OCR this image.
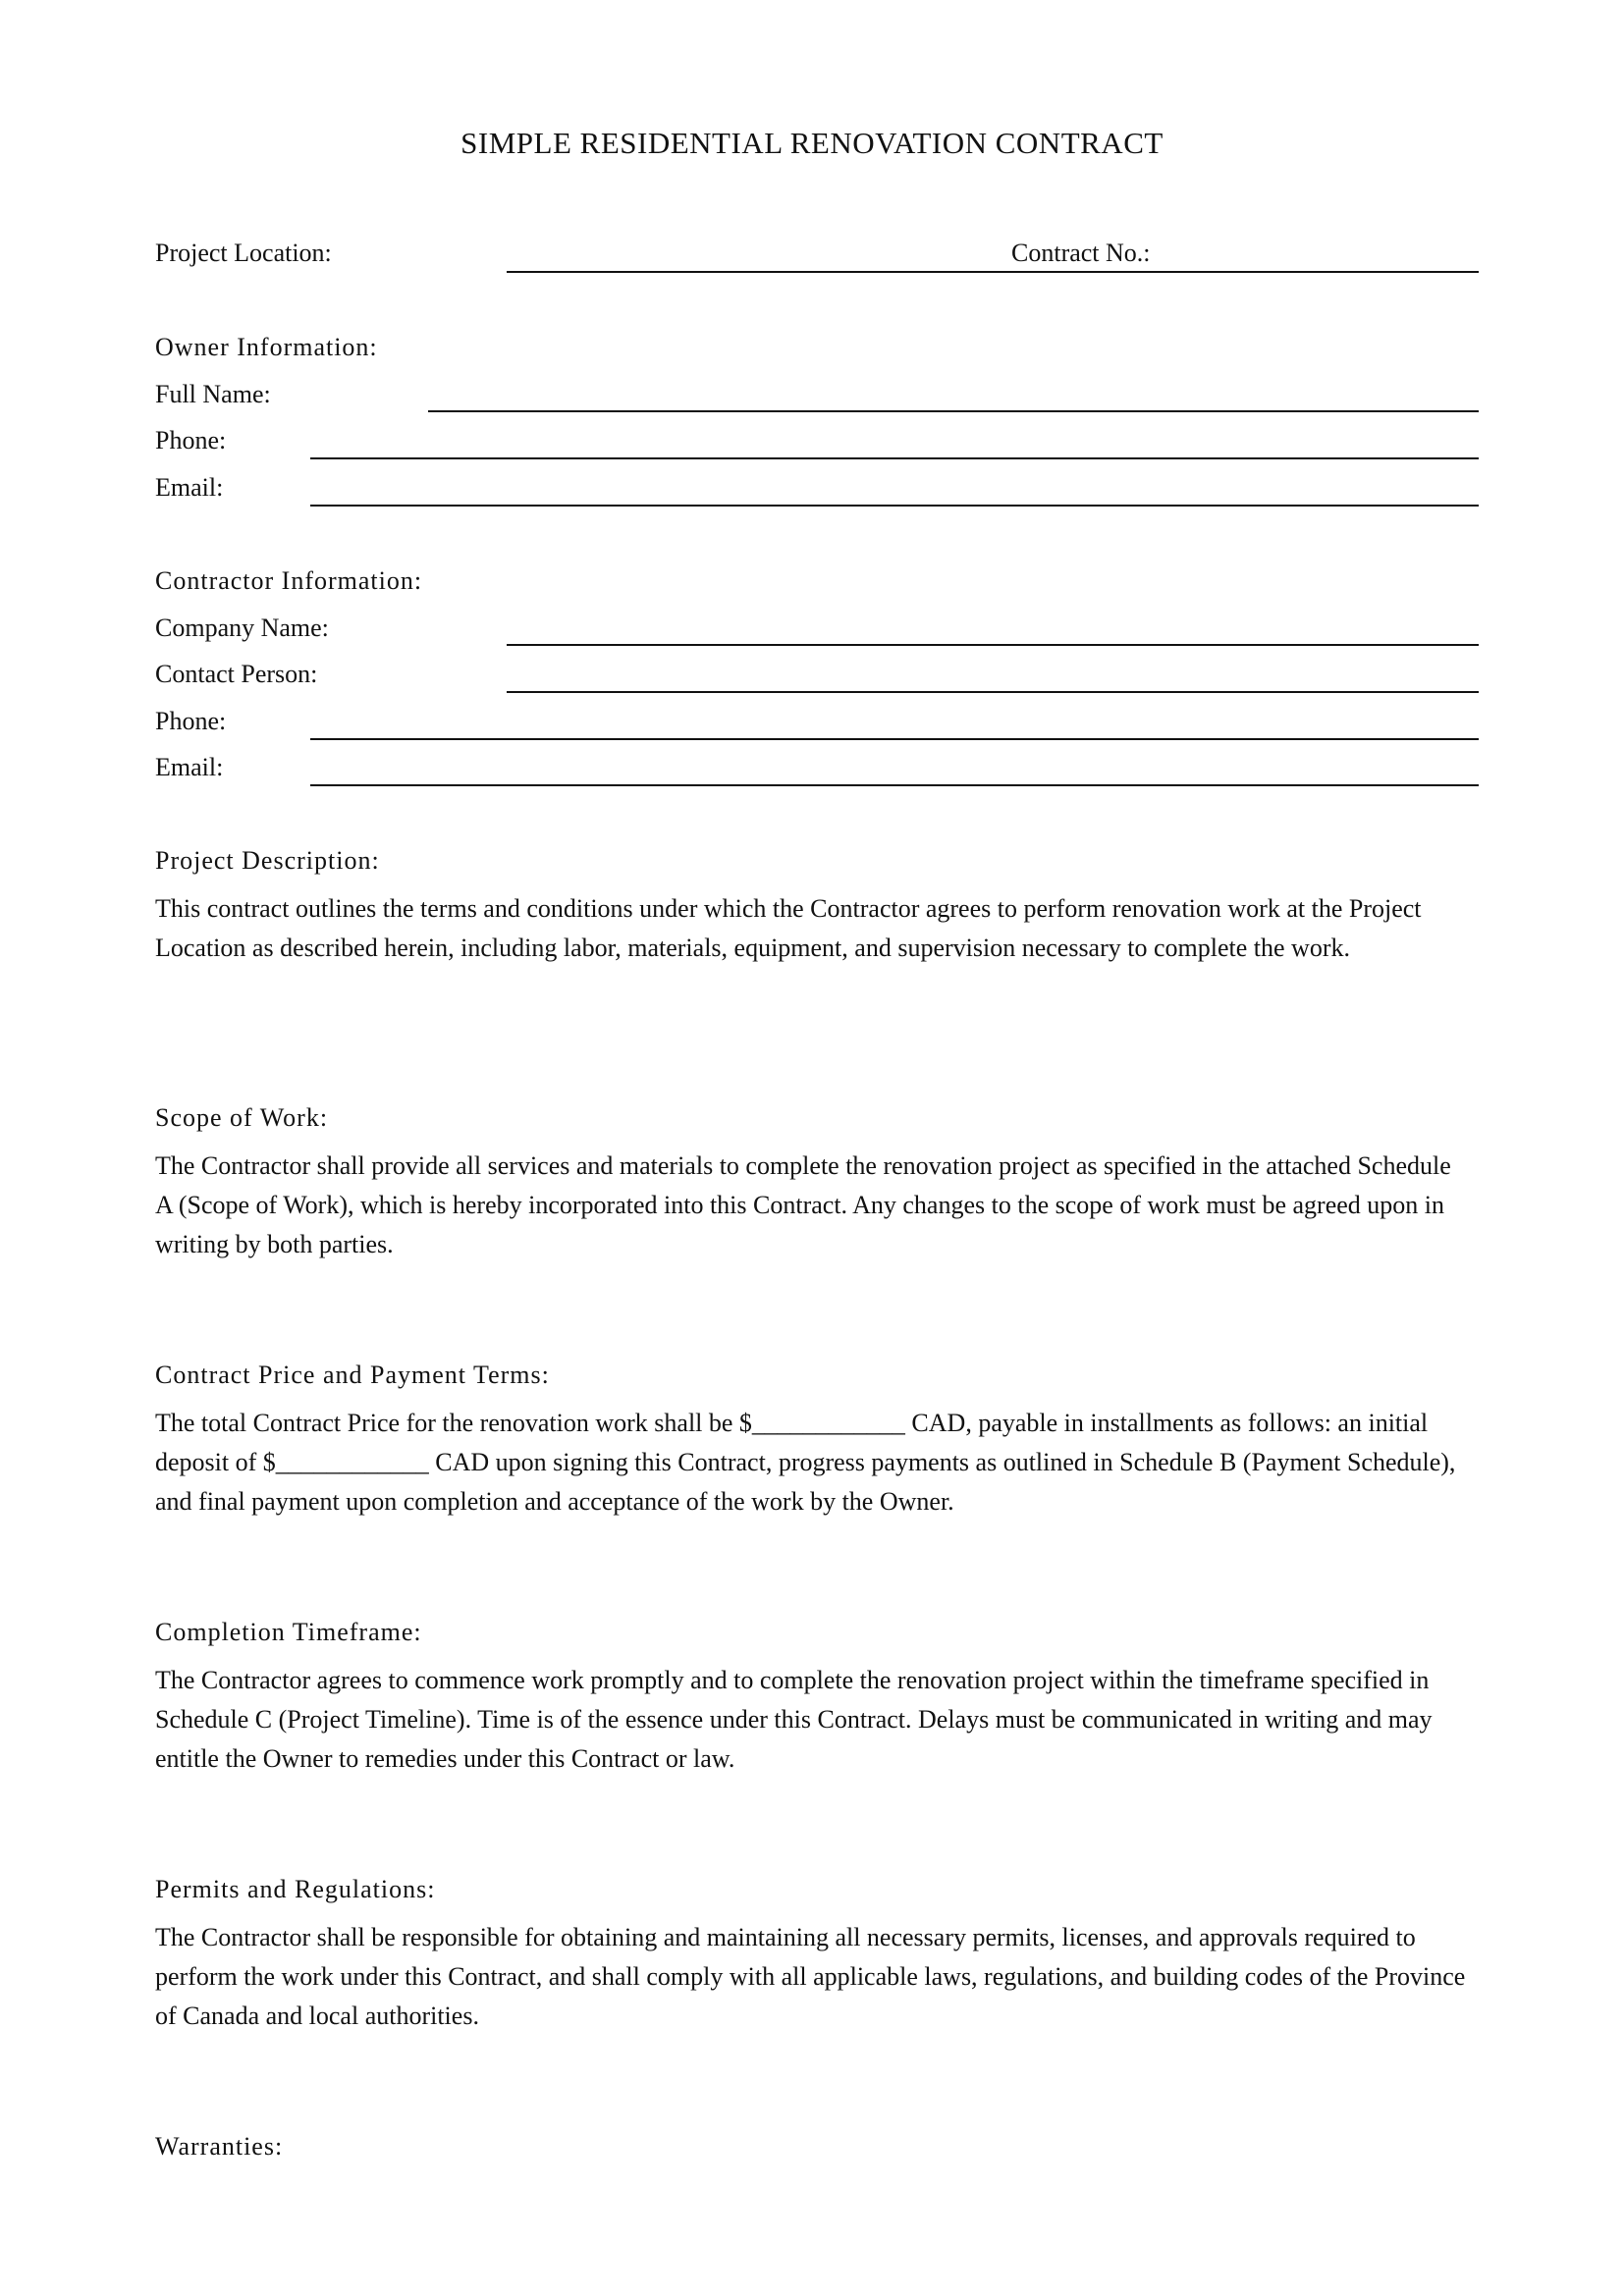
SIMPLE RESIDENTIAL RENOVATION CONTRACT
Project Location:	Contract No.:
Owner Information:
Full Name:
Phone:
Email:
Contractor Information:
Company Name:
Contact Person:
Phone:
Email:
Project Description:

This contract outlines the terms and conditions under which the Contractor agrees to perform renovation work at the Project Location as described herein, including labor, materials, equipment, and supervision necessary to complete the work.

Scope of Work:

The Contractor shall provide all services and materials to complete the renovation project as specified in the attached Schedule A (Scope of Work), which is hereby incorporated into this Contract. Any changes to the scope of work must be agreed upon in writing by both parties.

Contract Price and Payment Terms:

The total Contract Price for the renovation work shall be $____________ CAD, payable in installments as follows: an initial deposit of $____________ CAD upon signing this Contract, progress payments as outlined in Schedule B (Payment Schedule), and final payment upon completion and acceptance of the work by the Owner.

Completion Timeframe:

The Contractor agrees to commence work promptly and to complete the renovation project within the timeframe specified in Schedule C (Project Timeline). Time is of the essence under this Contract. Delays must be communicated in writing and may entitle the Owner to remedies under this Contract or law.

Permits and Regulations:

The Contractor shall be responsible for obtaining and maintaining all necessary permits, licenses, and approvals required to perform the work under this Contract, and shall comply with all applicable laws, regulations, and building codes of the Province of Canada and local authorities.

Warranties:
